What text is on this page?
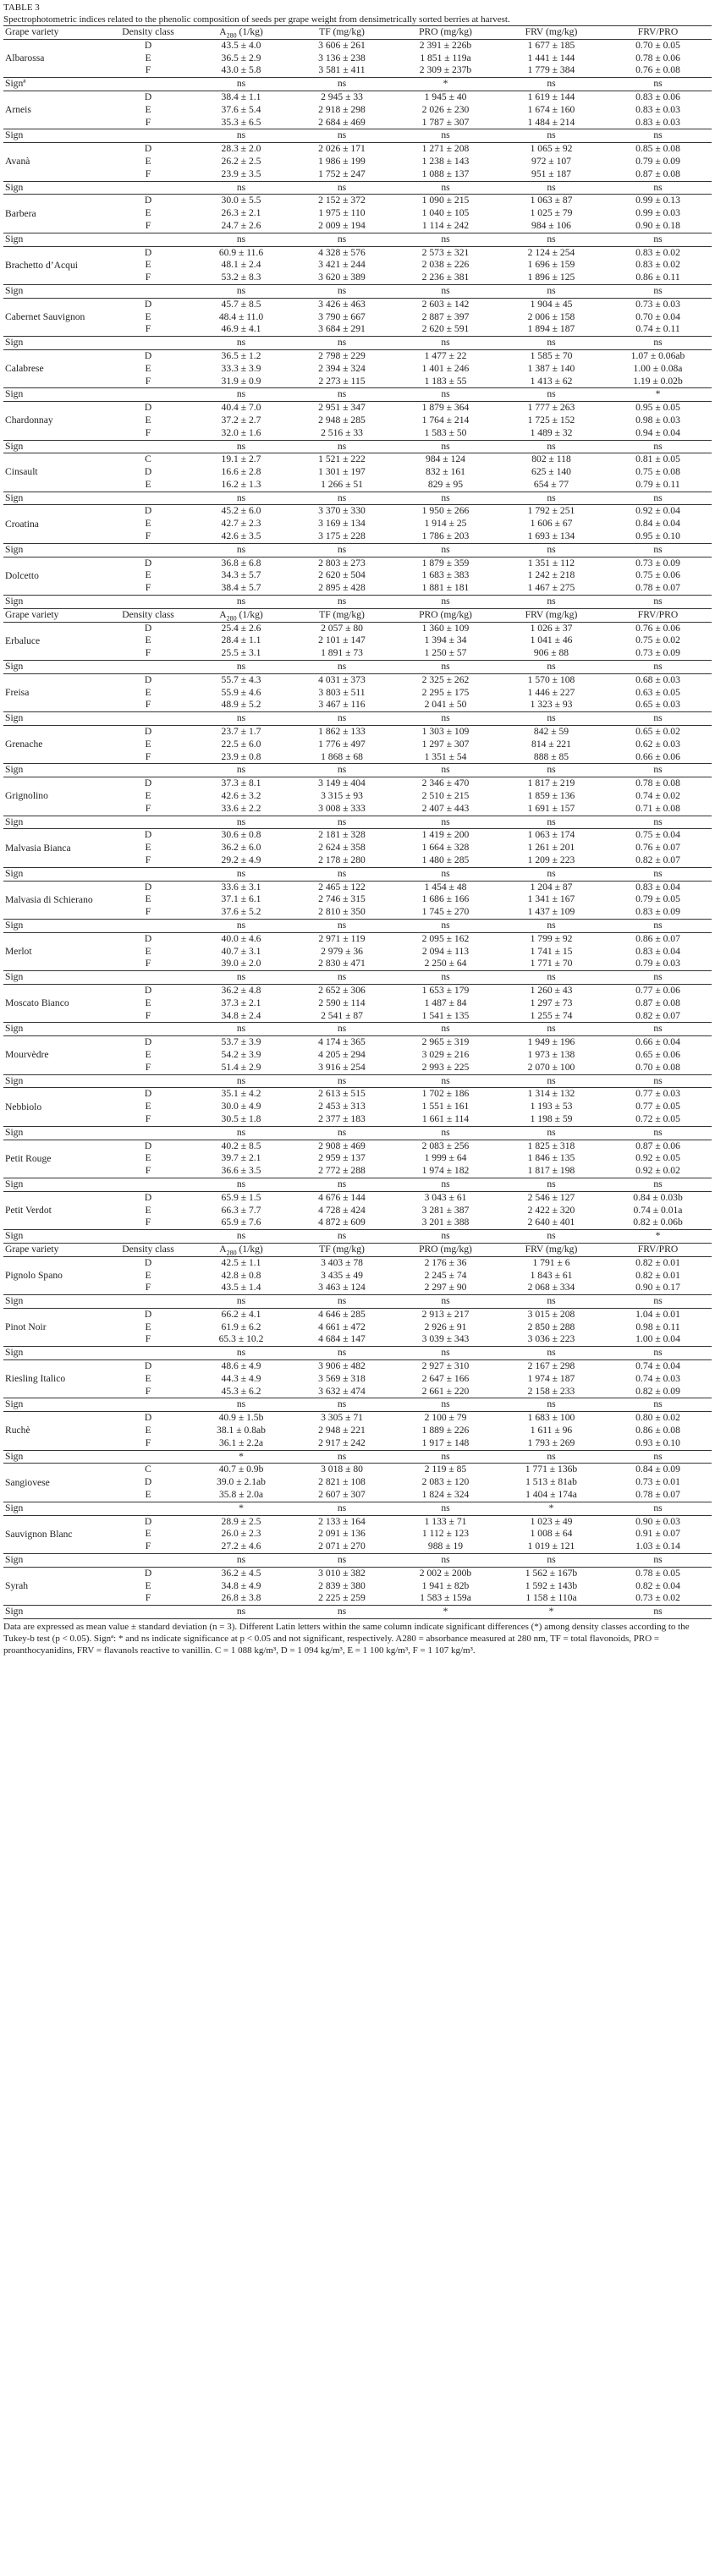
TABLE 3
Spectrophotometric indices related to the phenolic composition of seeds per grape weight from densimetrically sorted berries at harvest.
Grape variety	Density class	$A_{280}$ (1/kg)	TF (mg/kg)	PRO (mg/kg)	FRV (mg/kg)	FRV/PRO
Albarossa	D	43.5 ± 4.0	3 606 ± 261	2 391 ± 226b	1 677 ± 185	0.70 ± 0.05
	E	36.5 ± 2.9	3 136 ± 238	1 851 ± 119a	1 441 ± 144	0.78 ± 0.06
	F	43.0 ± 5.8	3 581 ± 411	2 309 ± 237b	1 779 ± 384	0.76 ± 0.08
Signª		ns	ns	*	ns	ns
Arneis	D	38.4 ± 1.1	2 945 ± 33	1 945 ± 40	1 619 ± 144	0.83 ± 0.06
	E	37.6 ± 5.4	2 918 ± 298	2 026 ± 230	1 674 ± 160	0.83 ± 0.03
	F	35.3 ± 6.5	2 684 ± 469	1 787 ± 307	1 484 ± 214	0.83 ± 0.03
Sign		ns	ns	ns	ns	ns
Avanà	D	28.3 ± 2.0	2 026 ± 171	1 271 ± 208	1 065 ± 92	0.85 ± 0.08
	E	26.2 ± 2.5	1 986 ± 199	1 238 ± 143	972 ± 107	0.79 ± 0.09
	F	23.9 ± 3.5	1 752 ± 247	1 088 ± 137	951 ± 187	0.87 ± 0.08
Sign		ns	ns	ns	ns	ns
Barbera	D	30.0 ± 5.5	2 152 ± 372	1 090 ± 215	1 063 ± 87	0.99 ± 0.13
	E	26.3 ± 2.1	1 975 ± 110	1 040 ± 105	1 025 ± 79	0.99 ± 0.03
	F	24.7 ± 2.6	2 009 ± 194	1 114 ± 242	984 ± 106	0.90 ± 0.18
Sign		ns	ns	ns	ns	ns
Brachetto d’Acqui	D	60.9 ± 11.6	4 328 ± 576	2 573 ± 321	2 124 ± 254	0.83 ± 0.02
	E	48.1 ± 2.4	3 421 ± 244	2 038 ± 226	1 696 ± 159	0.83 ± 0.02
	F	53.2 ± 8.3	3 620 ± 389	2 236 ± 381	1 896 ± 125	0.86 ± 0.11
Sign		ns	ns	ns	ns	ns
Cabernet Sauvignon	D	45.7 ± 8.5	3 426 ± 463	2 603 ± 142	1 904 ± 45	0.73 ± 0.03
	E	48.4 ± 11.0	3 790 ± 667	2 887 ± 397	2 006 ± 158	0.70 ± 0.04
	F	46.9 ± 4.1	3 684 ± 291	2 620 ± 591	1 894 ± 187	0.74 ± 0.11
Sign		ns	ns	ns	ns	ns
Calabrese	D	36.5 ± 1.2	2 798 ± 229	1 477 ± 22	1 585 ± 70	1.07 ± 0.06ab
	E	33.3 ± 3.9	2 394 ± 324	1 401 ± 246	1 387 ± 140	1.00 ± 0.08a
	F	31.9 ± 0.9	2 273 ± 115	1 183 ± 55	1 413 ± 62	1.19 ± 0.02b
Sign		ns	ns	ns	ns	*
Chardonnay	D	40.4 ± 7.0	2 951 ± 347	1 879 ± 364	1 777 ± 263	0.95 ± 0.05
	E	37.2 ± 2.7	2 948 ± 285	1 764 ± 214	1 725 ± 152	0.98 ± 0.03
	F	32.0 ± 1.6	2 516 ± 33	1 583 ± 50	1 489 ± 32	0.94 ± 0.04
Sign		ns	ns	ns	ns	ns
Cinsault	C	19.1 ± 2.7	1 521 ± 222	984 ± 124	802 ± 118	0.81 ± 0.05
	D	16.6 ± 2.8	1 301 ± 197	832 ± 161	625 ± 140	0.75 ± 0.08
	E	16.2 ± 1.3	1 266 ± 51	829 ± 95	654 ± 77	0.79 ± 0.11
Sign		ns	ns	ns	ns	ns
Croatina	D	45.2 ± 6.0	3 370 ± 330	1 950 ± 266	1 792 ± 251	0.92 ± 0.04
	E	42.7 ± 2.3	3 169 ± 134	1 914 ± 25	1 606 ± 67	0.84 ± 0.04
	F	42.6 ± 3.5	3 175 ± 228	1 786 ± 203	1 693 ± 134	0.95 ± 0.10
Sign		ns	ns	ns	ns	ns
Dolcetto	D	36.8 ± 6.8	2 803 ± 273	1 879 ± 359	1 351 ± 112	0.73 ± 0.09
	E	34.3 ± 5.7	2 620 ± 504	1 683 ± 383	1 242 ± 218	0.75 ± 0.06
	F	38.4 ± 5.7	2 895 ± 428	1 881 ± 181	1 467 ± 275	0.78 ± 0.07
Sign		ns	ns	ns	ns	ns
Grape variety	Density class	$A_{280}$ (1/kg)	TF (mg/kg)	PRO (mg/kg)	FRV (mg/kg)	FRV/PRO
Erbaluce	D	25.4 ± 2.6	2 057 ± 80	1 360 ± 109	1 026 ± 37	0.76 ± 0.06
	E	28.4 ± 1.1	2 101 ± 147	1 394 ± 34	1 041 ± 46	0.75 ± 0.02
	F	25.5 ± 3.1	1 891 ± 73	1 250 ± 57	906 ± 88	0.73 ± 0.09
Sign		ns	ns	ns	ns	ns
Freisa	D	55.7 ± 4.3	4 031 ± 373	2 325 ± 262	1 570 ± 108	0.68 ± 0.03
	E	55.9 ± 4.6	3 803 ± 511	2 295 ± 175	1 446 ± 227	0.63 ± 0.05
	F	48.9 ± 5.2	3 467 ± 116	2 041 ± 50	1 323 ± 93	0.65 ± 0.03
Sign		ns	ns	ns	ns	ns
Grenache	D	23.7 ± 1.7	1 862 ± 133	1 303 ± 109	842 ± 59	0.65 ± 0.02
	E	22.5 ± 6.0	1 776 ± 497	1 297 ± 307	814 ± 221	0.62 ± 0.03
	F	23.9 ± 0.8	1 868 ± 68	1 351 ± 54	888 ± 85	0.66 ± 0.06
Sign		ns	ns	ns	ns	ns
Grignolino	D	37.3 ± 8.1	3 149 ± 404	2 346 ± 470	1 817 ± 219	0.78 ± 0.08
	E	42.6 ± 3.2	3 315 ± 93	2 510 ± 215	1 859 ± 136	0.74 ± 0.02
	F	33.6 ± 2.2	3 008 ± 333	2 407 ± 443	1 691 ± 157	0.71 ± 0.08
Sign		ns	ns	ns	ns	ns
Malvasia Bianca	D	30.6 ± 0.8	2 181 ± 328	1 419 ± 200	1 063 ± 174	0.75 ± 0.04
	E	36.2 ± 6.0	2 624 ± 358	1 664 ± 328	1 261 ± 201	0.76 ± 0.07
	F	29.2 ± 4.9	2 178 ± 280	1 480 ± 285	1 209 ± 223	0.82 ± 0.07
Sign		ns	ns	ns	ns	ns
Malvasia di Schierano	D	33.6 ± 3.1	2 465 ± 122	1 454 ± 48	1 204 ± 87	0.83 ± 0.04
	E	37.1 ± 6.1	2 746 ± 315	1 686 ± 166	1 341 ± 167	0.79 ± 0.05
	F	37.6 ± 5.2	2 810 ± 350	1 745 ± 270	1 437 ± 109	0.83 ± 0.09
Sign		ns	ns	ns	ns	ns
Merlot	D	40.0 ± 4.6	2 971 ± 119	2 095 ± 162	1 799 ± 92	0.86 ± 0.07
	E	40.7 ± 3.1	2 979 ± 36	2 094 ± 113	1 741 ± 15	0.83 ± 0.04
	F	39.0 ± 2.0	2 830 ± 471	2 250 ± 64	1 771 ± 70	0.79 ± 0.03
Sign		ns	ns	ns	ns	ns
Moscato Bianco	D	36.2 ± 4.8	2 652 ± 306	1 653 ± 179	1 260 ± 43	0.77 ± 0.06
	E	37.3 ± 2.1	2 590 ± 114	1 487 ± 84	1 297 ± 73	0.87 ± 0.08
	F	34.8 ± 2.4	2 541 ± 87	1 541 ± 135	1 255 ± 74	0.82 ± 0.07
Sign		ns	ns	ns	ns	ns
Mourvèdre	D	53.7 ± 3.9	4 174 ± 365	2 965 ± 319	1 949 ± 196	0.66 ± 0.04
	E	54.2 ± 3.9	4 205 ± 294	3 029 ± 216	1 973 ± 138	0.65 ± 0.06
	F	51.4 ± 2.9	3 916 ± 254	2 993 ± 225	2 070 ± 100	0.70 ± 0.08
Sign		ns	ns	ns	ns	ns
Nebbiolo	D	35.1 ± 4.2	2 613 ± 515	1 702 ± 186	1 314 ± 132	0.77 ± 0.03
	E	30.0 ± 4.9	2 453 ± 313	1 551 ± 161	1 193 ± 53	0.77 ± 0.05
	F	30.5 ± 1.8	2 377 ± 183	1 661 ± 114	1 198 ± 59	0.72 ± 0.05
Sign		ns	ns	ns	ns	ns
Petit Rouge	D	40.2 ± 8.5	2 908 ± 469	2 083 ± 256	1 825 ± 318	0.87 ± 0.06
	E	39.7 ± 2.1	2 959 ± 137	1 999 ± 64	1 846 ± 135	0.92 ± 0.05
	F	36.6 ± 3.5	2 772 ± 288	1 974 ± 182	1 817 ± 198	0.92 ± 0.02
Sign		ns	ns	ns	ns	ns
Petit Verdot	D	65.9 ± 1.5	4 676 ± 144	3 043 ± 61	2 546 ± 127	0.84 ± 0.03b
	E	66.3 ± 7.7	4 728 ± 424	3 281 ± 387	2 422 ± 320	0.74 ± 0.01a
	F	65.9 ± 7.6	4 872 ± 609	3 201 ± 388	2 640 ± 401	0.82 ± 0.06b
Sign		ns	ns	ns	ns	*
Grape variety	Density class	$A_{280}$ (1/kg)	TF (mg/kg)	PRO (mg/kg)	FRV (mg/kg)	FRV/PRO
Pignolo Spano	D	42.5 ± 1.1	3 403 ± 78	2 176 ± 36	1 791 ± 6	0.82 ± 0.01
	E	42.8 ± 0.8	3 435 ± 49	2 245 ± 74	1 843 ± 61	0.82 ± 0.01
	F	43.5 ± 1.4	3 463 ± 124	2 297 ± 90	2 068 ± 334	0.90 ± 0.17
Sign		ns	ns	ns	ns	ns
Pinot Noir	D	66.2 ± 4.1	4 646 ± 285	2 913 ± 217	3 015 ± 208	1.04 ± 0.01
	E	61.9 ± 6.2	4 661 ± 472	2 926 ± 91	2 850 ± 288	0.98 ± 0.11
	F	65.3 ± 10.2	4 684 ± 147	3 039 ± 343	3 036 ± 223	1.00 ± 0.04
Sign		ns	ns	ns	ns	ns
Riesling Italico	D	48.6 ± 4.9	3 906 ± 482	2 927 ± 310	2 167 ± 298	0.74 ± 0.04
	E	44.3 ± 4.9	3 569 ± 318	2 647 ± 166	1 974 ± 187	0.74 ± 0.03
	F	45.3 ± 6.2	3 632 ± 474	2 661 ± 220	2 158 ± 233	0.82 ± 0.09
Sign		ns	ns	ns	ns	ns
Ruchè	D	40.9 ± 1.5b	3 305 ± 71	2 100 ± 79	1 683 ± 100	0.80 ± 0.02
	E	38.1 ± 0.8ab	2 948 ± 221	1 889 ± 226	1 611 ± 96	0.86 ± 0.08
	F	36.1 ± 2.2a	2 917 ± 242	1 917 ± 148	1 793 ± 269	0.93 ± 0.10
Sign		*	ns	ns	ns	ns
Sangiovese	C	40.7 ± 0.9b	3 018 ± 80	2 119 ± 85	1 771 ± 136b	0.84 ± 0.09
	D	39.0 ± 2.1ab	2 821 ± 108	2 083 ± 120	1 513 ± 81ab	0.73 ± 0.01
	E	35.8 ± 2.0a	2 607 ± 307	1 824 ± 324	1 404 ± 174a	0.78 ± 0.07
Sign		*	ns	ns	*	ns
Sauvignon Blanc	D	28.9 ± 2.5	2 133 ± 164	1 133 ± 71	1 023 ± 49	0.90 ± 0.03
	E	26.0 ± 2.3	2 091 ± 136	1 112 ± 123	1 008 ± 64	0.91 ± 0.07
	F	27.2 ± 4.6	2 071 ± 270	988 ± 19	1 019 ± 121	1.03 ± 0.14
Sign		ns	ns	ns	ns	ns
Syrah	D	36.2 ± 4.5	3 010 ± 382	2 002 ± 200b	1 562 ± 167b	0.78 ± 0.05
	E	34.8 ± 4.9	2 839 ± 380	1 941 ± 82b	1 592 ± 143b	0.82 ± 0.04
	F	26.8 ± 3.8	2 225 ± 259	1 583 ± 159a	1 158 ± 110a	0.73 ± 0.02
Sign		ns	ns	*	*	ns
Data are expressed as mean value ± standard deviation (n = 3). Different Latin letters within the same column indicate significant differences (*) among density classes according to the Tukey-b test (p < 0.05). Signª: * and ns indicate significance at p < 0.05 and not significant, respectively. A280 = absorbance measured at 280 nm, TF = total flavonoids, PRO = proanthocyanidins, FRV = flavanols reactive to vanillin. C = 1 088 kg/m³, D = 1 094 kg/m³, E = 1 100 kg/m³, F = 1 107 kg/m³.
